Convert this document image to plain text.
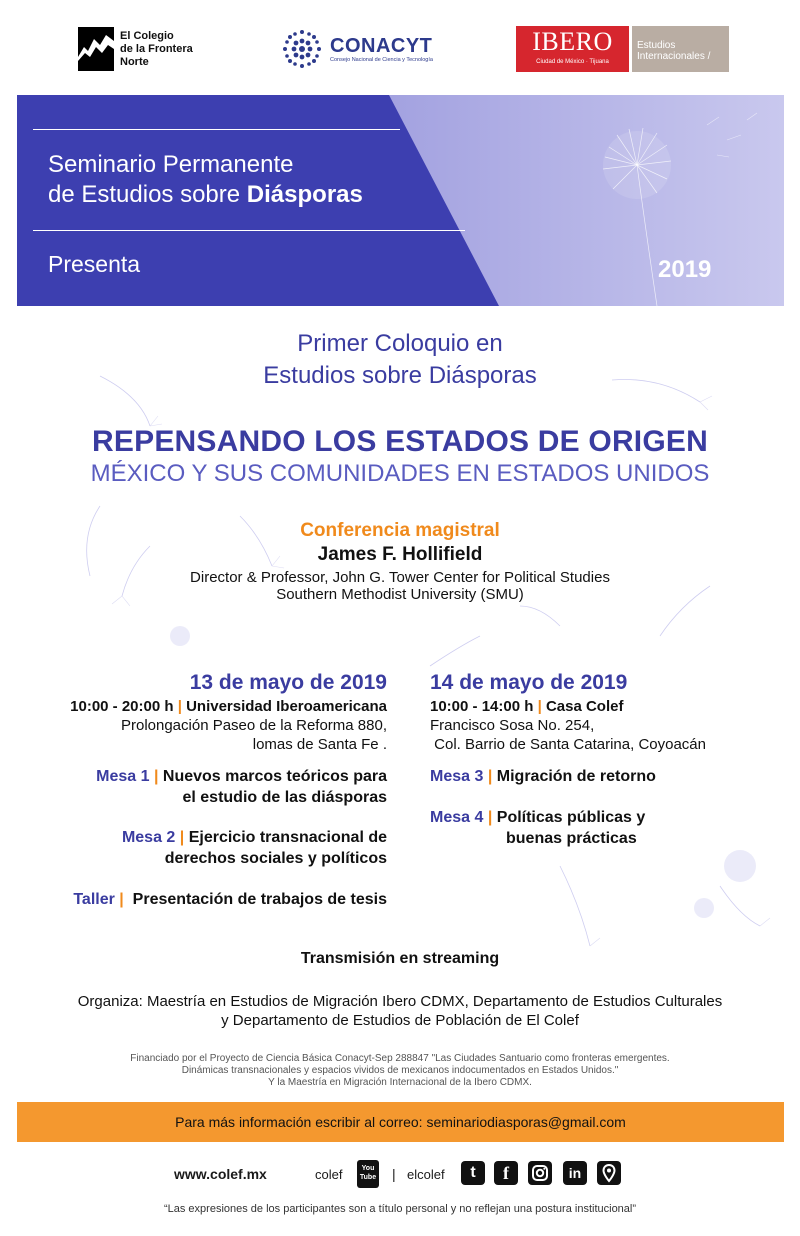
El Colegio
de la Frontera
Norte
CONACYT
Consejo Nacional de Ciencia y Tecnología
IBERO
Ciudad de México · Tijuana
Estudios
Internacionales /
Seminario Permanente
de Estudios sobre Diásporas
Presenta	2019
Primer Coloquio en
Estudios sobre Diásporas
REPENSANDO LOS ESTADOS DE ORIGEN
MÉXICO Y SUS COMUNIDADES EN ESTADOS UNIDOS
Conferencia magistral
James F. Hollifield
Director & Professor, John G. Tower Center for Political Studies
Southern Methodist University (SMU)
13 de mayo de 2019
10:00 - 20:00 h | Universidad Iberoamericana
Prolongación Paseo de la Reforma 880,
lomas de Santa Fe .
Mesa 1 | Nuevos marcos teóricos para
el estudio de las diásporas
Mesa 2 | Ejercicio transnacional de
derechos sociales y políticos
Taller | Presentación de trabajos de tesis
14 de mayo de 2019
10:00 - 14:00 h | Casa Colef
Francisco Sosa No. 254,
Col. Barrio de Santa Catarina, Coyoacán
Mesa 3 | Migración de retorno
Mesa 4 | Políticas públicas y
buenas prácticas
Transmisión en streaming
Organiza: Maestría en Estudios de Migración Ibero CDMX, Departamento de Estudios Culturales
y Departamento de Estudios de Población de El Colef
Financiado por el Proyecto de Ciencia Básica Conacyt-Sep 288847 "Las Ciudades Santuario como fronteras emergentes.
Dinámicas transnacionales y espacios vividos de mexicanos indocumentados en Estados Unidos."
Y la Maestría en Migración Internacional de la Ibero CDMX.
Para más información escribir al correo: seminariodiasporas@gmail.com
www.colef.mx	colef	You
Tube | elcolef	t	f	in
“Las expresiones de los participantes son a título personal y no reflejan una postura institucional”
